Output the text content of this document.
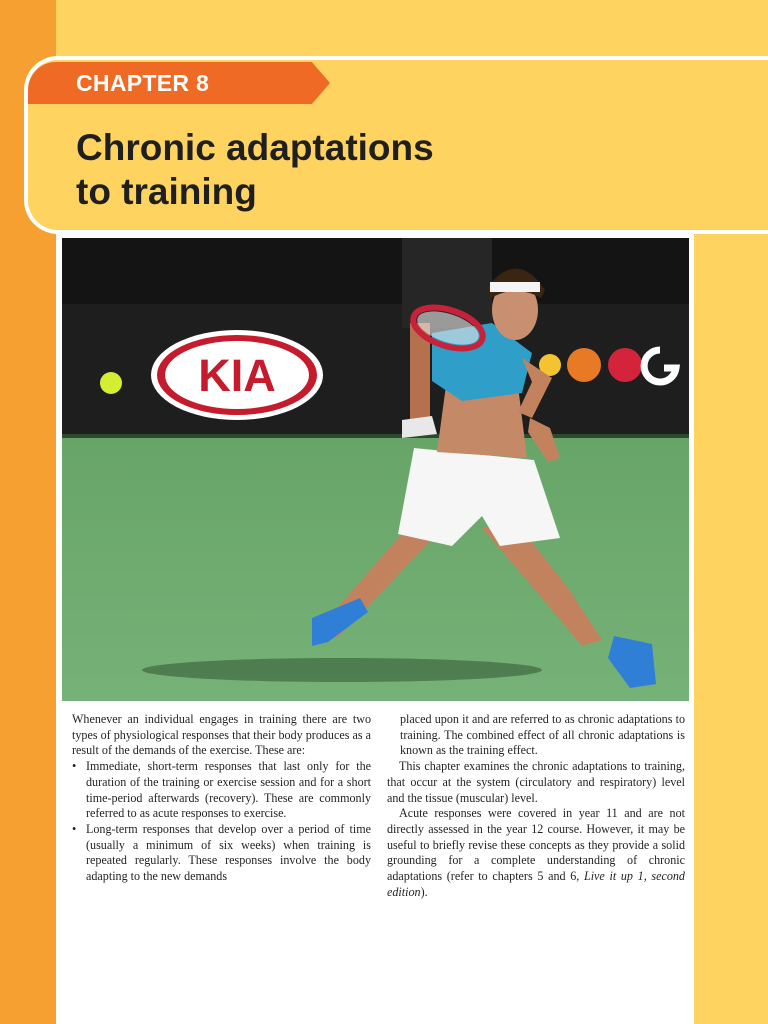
CHAPTER 8
Chronic adaptations
to training
KIA

Whenever an individual engages in training there are two types of physiological responses that their body produces as a result of the demands of the exercise. These are:

• Immediate, short-term responses that last only for the duration of the training or exercise session and for a short time-period afterwards (recovery). These are commonly referred to as acute responses to exercise.
• Long-term responses that develop over a period of time (usually a minimum of six weeks) when training is repeated regularly. These responses involve the body adapting to the new demands

placed upon it and are referred to as chronic adaptations to training. The combined effect of all chronic adaptations is known as the training effect.

This chapter examines the chronic adaptations to training, that occur at the system (circulatory and respiratory) level and the tissue (muscular) level.

Acute responses were covered in year 11 and are not directly assessed in the year 12 course. However, it may be useful to briefly revise these concepts as they provide a solid grounding for a complete understanding of chronic adaptations (refer to chapters 5 and 6, Live it up 1, second edition).
